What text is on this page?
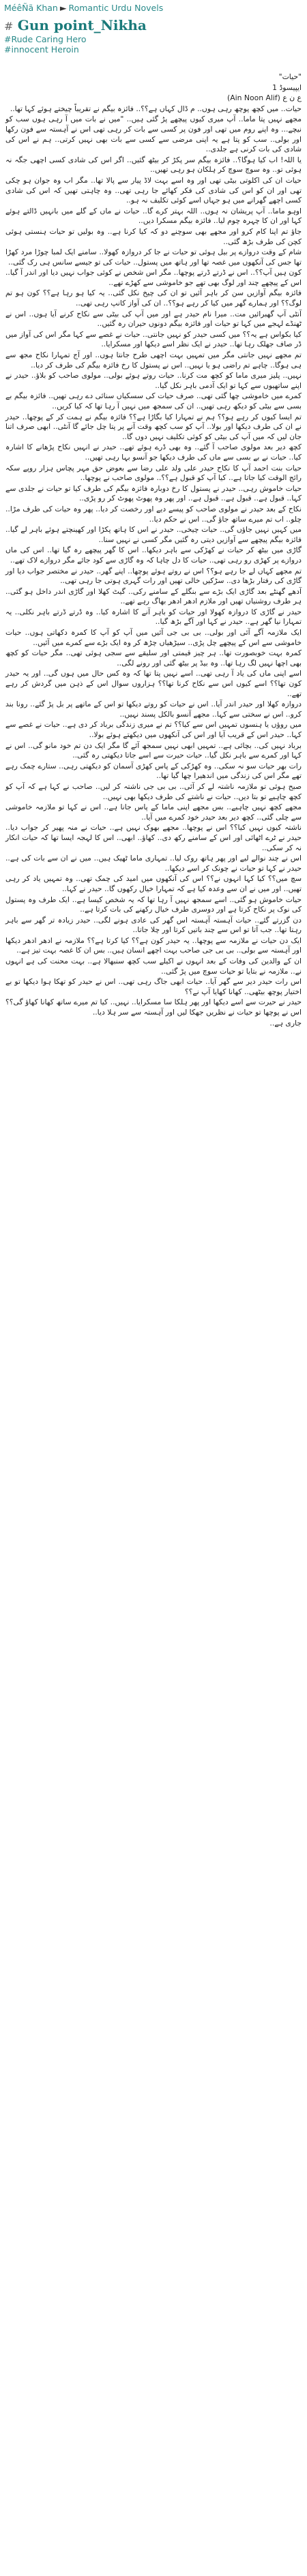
MéêÑã Khan ► Romantic Urdu Novels
# Gun point_Nikha
#Rude Caring Hero
#innocent Heroin

"حیات"

ایپیسوڈ 1

ع ن ع (Ain Noon Alif)

حیات.. میں کچھ پوچھ رہی ہوں.. م ڈال کہاں ہے؟؟.. فائزہ بیگم نے تقریباً چیختے ہوئے کہا تھا..

مجھے نہیں پتا ماما.. آپ میری کیوں پیچھے پڑ گئی ہیں.. "میں نے بات میں آ رہی ہوں سب کو نیچے... وہ اپنے روم میں تھی اور فون پر کسی سے بات کر رہی تھی اس نے آہستہ سے فون رکھا اور بولی.. سب کو پتا ہے یہ اپنی مرضی سے کسی سے بات بھی نہیں کرتی.. ہم نے اس کی شادی کی بات کرنی ہے جلدی..

یا اللہ! اب کیا ہوگا؟.. فائزہ بیگم سر پکڑ کر بیٹھ گئیں.. اگر اس کی شادی کسی اچھی جگہ نہ ہوئی تو.. وہ سوچ سوچ کر ہلکان ہو رہی تھیں..

حیات ان کی اکلوتی بیٹی تھی اور وہ اسے بہت لاڈ پیار سے پالا تھا.. مگر اب وہ جوان ہو چکی تھی اور ان کو اس کی شادی کی فکر کھائے جا رہی تھی.. وہ چاہتی تھیں کہ اس کی شادی کسی اچھے گھرانے میں ہو جہاں اسے کوئی تکلیف نہ ہو..

اوہو ماما.. آپ پریشان نہ ہوں.. اللہ بہتر کرے گا.. حیات نے ماں کے گلے میں بانہیں ڈالتے ہوئے کہا اور ان کا چہرہ چوم لیا.. فائزہ بیگم مسکرا دیں..

جاؤ تم اپنا کام کرو اور مجھے بھی سوچنے دو کہ کیا کرنا ہے.. وہ بولیں تو حیات ہنستی ہوئی کچن کی طرف بڑھ گئی..

شام کے وقت دروازے پر بیل ہوئی تو حیات نے جا کر دروازہ کھولا.. سامنے ایک لمبا چوڑا مرد کھڑا تھا جس کی آنکھوں میں غصہ تھا اور ہاتھ میں پستول.. حیات کی تو جیسے سانس ہی رک گئی..

کون ہیں آپ؟؟.. اس نے ڈرتے ڈرتے پوچھا.. مگر اس شخص نے کوئی جواب نہیں دیا اور اندر آ گیا.. اس کے پیچھے چند اور لوگ بھی تھے جو خاموشی سے کھڑے تھے..

فائزہ بیگم آوازیں سن کر باہر آئیں تو ان کی چیخ نکل گئی.. یہ کیا ہو رہا ہے؟؟ کون ہو تم لوگ؟؟ اور ہمارے گھر میں کیا کر رہے ہو؟؟.. ان کی آواز کانپ رہی تھی..

آنٹی آپ گھبرائیں مت.. میرا نام حیدر ہے اور میں آپ کی بیٹی سے نکاح کرنے آیا ہوں.. اس نے ٹھنڈے لہجے میں کہا تو حیات اور فائزہ بیگم دونوں حیران رہ گئیں..

کیا بکواس ہے یہ؟؟ میں کسی حیدر کو نہیں جانتی.. حیات نے غصے سے کہا مگر اس کی آواز میں ڈر صاف جھلک رہا تھا.. حیدر نے ایک نظر اسے دیکھا اور مسکرایا..

تم مجھے نہیں جانتی مگر میں تمہیں بہت اچھی طرح جانتا ہوں.. اور آج تمہارا نکاح مجھ سے ہی ہوگا.. چاہے تم راضی ہو یا نہیں.. اس نے پستول کا رخ فائزہ بیگم کی طرف کر دیا..

نہیں.. پلیز میری ماما کو کچھ مت کرنا.. حیات روتے ہوئے بولی.. مولوی صاحب کو بلاؤ.. حیدر نے اپنے ساتھیوں سے کہا تو ایک آدمی باہر نکل گیا..

کمرے میں خاموشی چھا گئی تھی.. صرف حیات کی سسکیاں سنائی دے رہی تھیں.. فائزہ بیگم بے بسی سے بیٹی کو دیکھ رہی تھیں.. ان کی سمجھ میں نہیں آ رہا تھا کہ کیا کریں..

تم ایسا کیوں کر رہے ہو؟؟ ہم نے تمہارا کیا بگاڑا ہے؟؟ فائزہ بیگم نے ہمت کر کے پوچھا.. حیدر نے ان کی طرف دیکھا اور بولا.. آپ کو سب کچھ وقت آنے پر پتا چل جائے گا آنٹی.. ابھی صرف اتنا جان لیں کہ میں آپ کی بیٹی کو کوئی تکلیف نہیں دوں گا..

کچھ دیر بعد مولوی صاحب آ گئے.. وہ بھی ڈرے ہوئے تھے.. حیدر نے انہیں نکاح پڑھانے کا اشارہ کیا.. حیات نے بے بسی سے ماں کی طرف دیکھا جو آنسو بہا رہی تھیں..

حیات بنت احمد آپ کا نکاح حیدر علی ولد علی رضا سے بعوض حق مہر پچاس ہزار روپے سکہ رائج الوقت کیا جاتا ہے.. کیا آپ کو قبول ہے؟؟.. مولوی صاحب نے پوچھا..

حیات خاموش رہی.. حیدر نے پستول کا رخ دوبارہ فائزہ بیگم کی طرف کیا تو حیات نے جلدی سے کہا.. قبول ہے.. قبول ہے.. قبول ہے.. اور پھر وہ پھوٹ پھوٹ کر رو پڑی..

نکاح کے بعد حیدر نے مولوی صاحب کو پیسے دیے اور رخصت کر دیا.. پھر وہ حیات کی طرف مڑا.. چلو.. اب تم میرے ساتھ جاؤ گی.. اس نے حکم دیا..

میں کہیں نہیں جاؤں گی.. حیات چیخی.. حیدر نے اس کا ہاتھ پکڑا اور کھینچتے ہوئے باہر لے گیا.. فائزہ بیگم پیچھے سے آوازیں دیتی رہ گئیں مگر کسی نے نہیں سنا..

گاڑی میں بیٹھ کر حیات نے کھڑکی سے باہر دیکھا.. اس کا گھر پیچھے رہ گیا تھا.. اس کی ماں دروازے پر کھڑی رو رہی تھی.. حیات کا دل چاہا کہ وہ گاڑی سے کود جائے مگر دروازے لاک تھے..

تم مجھے کہاں لے جا رہے ہو؟؟ اس نے روتے ہوئے پوچھا.. اپنے گھر.. حیدر نے مختصر جواب دیا اور گاڑی کی رفتار بڑھا دی.. سڑکیں خالی تھیں اور رات گہری ہوتی جا رہی تھی..

آدھے گھنٹے بعد گاڑی ایک بڑے سے بنگلے کے سامنے رکی.. گیٹ کھلا اور گاڑی اندر داخل ہو گئی.. ہر طرف روشنیاں تھیں اور ملازم ادھر ادھر بھاگ رہے تھے..

حیدر نے گاڑی کا دروازہ کھولا اور حیات کو باہر آنے کا اشارہ کیا.. وہ ڈرتے ڈرتے باہر نکلی.. یہ تمہارا نیا گھر ہے.. حیدر نے کہا اور آگے بڑھ گیا..

ایک ملازمہ آگے آئی اور بولی.. بی بی جی آئیں میں آپ کو آپ کا کمرہ دکھاتی ہوں.. حیات خاموشی سے اس کے پیچھے چل پڑی.. سیڑھیاں چڑھ کر وہ ایک بڑے سے کمرے میں آئیں..

کمرہ بہت خوبصورت تھا.. ہر چیز قیمتی اور سلیقے سے سجی ہوئی تھی.. مگر حیات کو کچھ بھی اچھا نہیں لگ رہا تھا.. وہ بیڈ پر بیٹھ گئی اور رونے لگی..

اسے اپنی ماں کی یاد آ رہی تھی.. اسے نہیں پتا تھا کہ وہ کس حال میں ہوں گی.. اور یہ حیدر کون تھا؟؟ اسے کیوں اس سے نکاح کرنا تھا؟؟ ہزاروں سوال اس کے ذہن میں گردش کر رہے تھے..

دروازہ کھلا اور حیدر اندر آیا.. اس نے حیات کو روتے دیکھا تو اس کے ماتھے پر بل پڑ گئے.. رونا بند کرو.. اس نے سختی سے کہا.. مجھے آنسو بالکل پسند نہیں..

میں روؤں یا ہنسوں تمہیں اس سے کیا؟؟ تم نے میری زندگی برباد کر دی ہے.. حیات نے غصے سے کہا.. حیدر اس کے قریب آیا اور اس کی آنکھوں میں دیکھتے ہوئے بولا..

برباد نہیں کی.. بچائی ہے.. تمہیں ابھی نہیں سمجھ آئے گا مگر ایک دن تم خود مانو گی.. اس نے کہا اور کمرے سے باہر نکل گیا.. حیات حیرت سے اسے جاتا دیکھتی رہ گئی..

رات بھر حیات سو نہ سکی.. وہ کھڑکی کے پاس کھڑی آسمان کو دیکھتی رہی.. ستارے چمک رہے تھے مگر اس کی زندگی میں اندھیرا چھا گیا تھا..

صبح ہوئی تو ملازمہ ناشتہ لے کر آئی.. بی بی جی ناشتہ کر لیں.. صاحب نے کہا ہے کہ آپ کو کچھ چاہیے تو بتا دیں.. حیات نے ناشتے کی طرف دیکھا بھی نہیں..

مجھے کچھ نہیں چاہیے.. بس مجھے اپنی ماما کے پاس جانا ہے.. اس نے کہا تو ملازمہ خاموشی سے چلی گئی.. کچھ دیر بعد حیدر خود کمرے میں آیا..

ناشتہ کیوں نہیں کیا؟؟ اس نے پوچھا.. مجھے بھوک نہیں ہے.. حیات نے منہ پھیر کر جواب دیا.. حیدر نے ٹرے اٹھائی اور اس کے سامنے رکھ دی.. کھاؤ.. ابھی.. اس کا لہجہ ایسا تھا کہ حیات انکار نہ کر سکی..

اس نے چند نوالے لیے اور پھر ہاتھ روک لیا.. تمہاری ماما ٹھیک ہیں.. میں نے ان سے بات کی ہے.. حیدر نے کہا تو حیات نے چونک کر اسے دیکھا..

سچ میں؟؟ کیا کہا انہوں نے؟؟ اس کی آنکھوں میں امید کی چمک تھی.. وہ تمہیں یاد کر رہی تھیں.. اور میں نے ان سے وعدہ کیا ہے کہ تمہارا خیال رکھوں گا.. حیدر نے کہا..

حیات خاموش ہو گئی.. اسے سمجھ نہیں آ رہا تھا کہ یہ شخص کیسا ہے.. ایک طرف وہ پستول کی نوک پر نکاح کرتا ہے اور دوسری طرف خیال رکھنے کی بات کرتا ہے..

دن گزرتے گئے.. حیات آہستہ آہستہ اس گھر کی عادی ہونے لگی.. حیدر زیادہ تر گھر سے باہر رہتا تھا.. جب آتا تو اس سے چند باتیں کرتا اور چلا جاتا..

ایک دن حیات نے ملازمہ سے پوچھا.. یہ حیدر کون ہے؟؟ کیا کرتا ہے؟؟ ملازمہ نے ادھر ادھر دیکھا اور آہستہ سے بولی.. بی بی جی صاحب بہت اچھے انسان ہیں.. بس ان کا غصہ بہت تیز ہے..

ان کے والدین کی وفات کے بعد انہوں نے اکیلے سب کچھ سنبھالا ہے.. بہت محنت کی ہے انہوں نے.. ملازمہ نے بتایا تو حیات سوچ میں پڑ گئی..

اس رات حیدر دیر سے گھر آیا.. حیات ابھی جاگ رہی تھی.. اس نے حیدر کو تھکا ہوا دیکھا تو بے اختیار پوچھ بیٹھی.. کھانا کھایا آپ نے؟؟

حیدر نے حیرت سے اسے دیکھا اور پھر ہلکا سا مسکرایا.. نہیں.. کیا تم میرے ساتھ کھانا کھاؤ گی؟؟ اس نے پوچھا تو حیات نے نظریں جھکا لیں اور آہستہ سے سر ہلا دیا..

جاری ہے..
